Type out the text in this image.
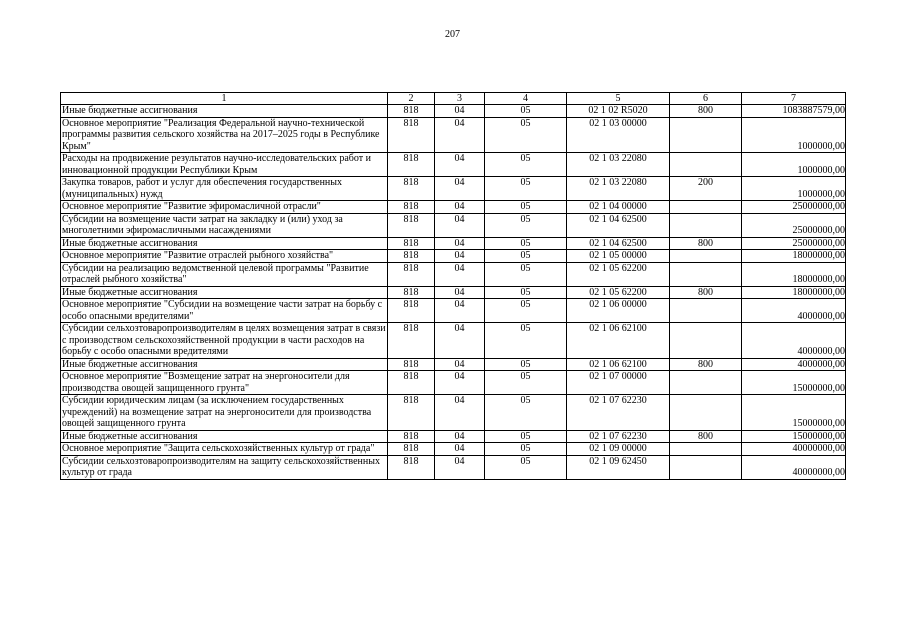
207
1	2	3	4	5	6	7
Иные бюджетные ассигнования	818	04	05	02 1 02 R5020	800	1083887579,00
Основное мероприятие "Реализация Федеральной научно-технической программы развития сельского хозяйства на 2017–2025 годы в Республике Крым"	818	04	05	02 1 03 00000		1000000,00
Расходы на продвижение результатов научно-исследовательских работ и инновационной продукции Республики Крым	818	04	05	02 1 03 22080		1000000,00
Закупка товаров, работ и услуг для обеспечения государственных (муниципальных) нужд	818	04	05	02 1 03 22080	200	1000000,00
Основное мероприятие "Развитие эфиромасличной отрасли"	818	04	05	02 1 04 00000		25000000,00
Субсидии на возмещение части затрат на закладку и (или) уход за многолетними эфиромасличными насаждениями	818	04	05	02 1 04 62500		25000000,00
Иные бюджетные ассигнования	818	04	05	02 1 04 62500	800	25000000,00
Основное мероприятие "Развитие отраслей рыбного хозяйства"	818	04	05	02 1 05 00000		18000000,00
Субсидии на реализацию ведомственной целевой программы "Развитие отраслей рыбного хозяйства"	818	04	05	02 1 05 62200		18000000,00
Иные бюджетные ассигнования	818	04	05	02 1 05 62200	800	18000000,00
Основное мероприятие "Субсидии на возмещение части затрат на борьбу с особо опасными вредителями"	818	04	05	02 1 06 00000		4000000,00
Субсидии сельхозтоваропроизводителям в целях возмещения затрат в связи с производством сельскохозяйственной продукции в части расходов на борьбу с особо опасными вредителями	818	04	05	02 1 06 62100		4000000,00
Иные бюджетные ассигнования	818	04	05	02 1 06 62100	800	4000000,00
Основное мероприятие "Возмещение затрат на энергоносители для производства овощей защищенного грунта"	818	04	05	02 1 07 00000		15000000,00
Субсидии юридическим лицам (за исключением государственных учреждений) на возмещение затрат на энергоносители для производства овощей защищенного грунта	818	04	05	02 1 07 62230		15000000,00
Иные бюджетные ассигнования	818	04	05	02 1 07 62230	800	15000000,00
Основное мероприятие "Защита сельскохозяйственных культур от града"	818	04	05	02 1 09 00000		40000000,00
Субсидии сельхозтоваропроизводителям на защиту сельскохозяйственных культур от града	818	04	05	02 1 09 62450		40000000,00
